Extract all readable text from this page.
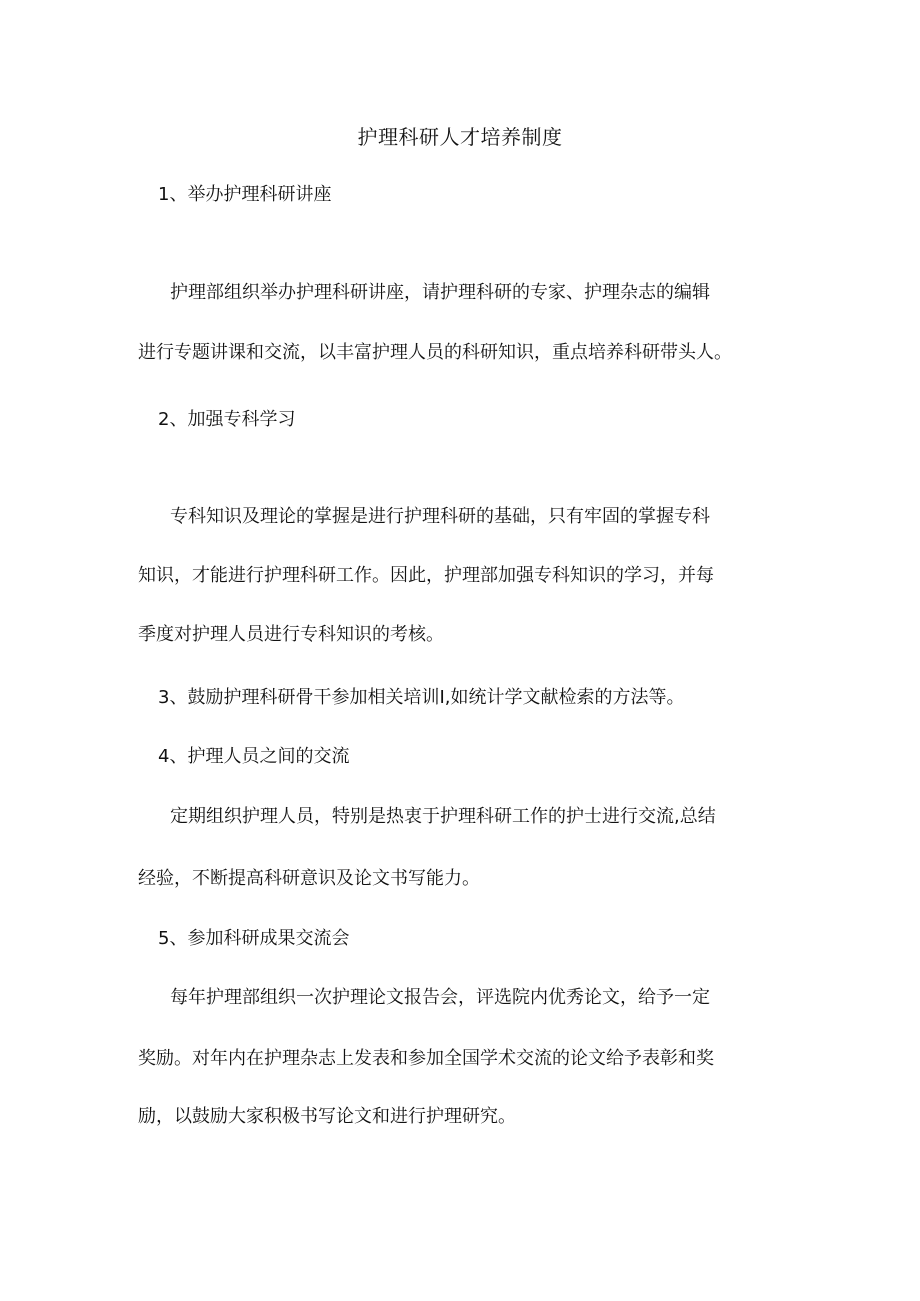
护理科研人才培养制度
1、举办护理科研讲座
护理部组织举办护理科研讲座，请护理科研的专家、护理杂志的编辑
进行专题讲课和交流，以丰富护理人员的科研知识，重点培养科研带头人。
2、加强专科学习
专科知识及理论的掌握是进行护理科研的基础，只有牢固的掌握专科
知识，才能进行护理科研工作。因此，护理部加强专科知识的学习，并每
季度对护理人员进行专科知识的考核。
3、鼓励护理科研骨干参加相关培训I,如统计学文献检索的方法等。
4、护理人员之间的交流
定期组织护理人员，特别是热衷于护理科研工作的护士进行交流,总结
经验，不断提高科研意识及论文书写能力。
5、参加科研成果交流会
每年护理部组织一次护理论文报告会，评选院内优秀论文，给予一定
奖励。对年内在护理杂志上发表和参加全国学术交流的论文给予表彰和奖
励，以鼓励大家积极书写论文和进行护理研究。
